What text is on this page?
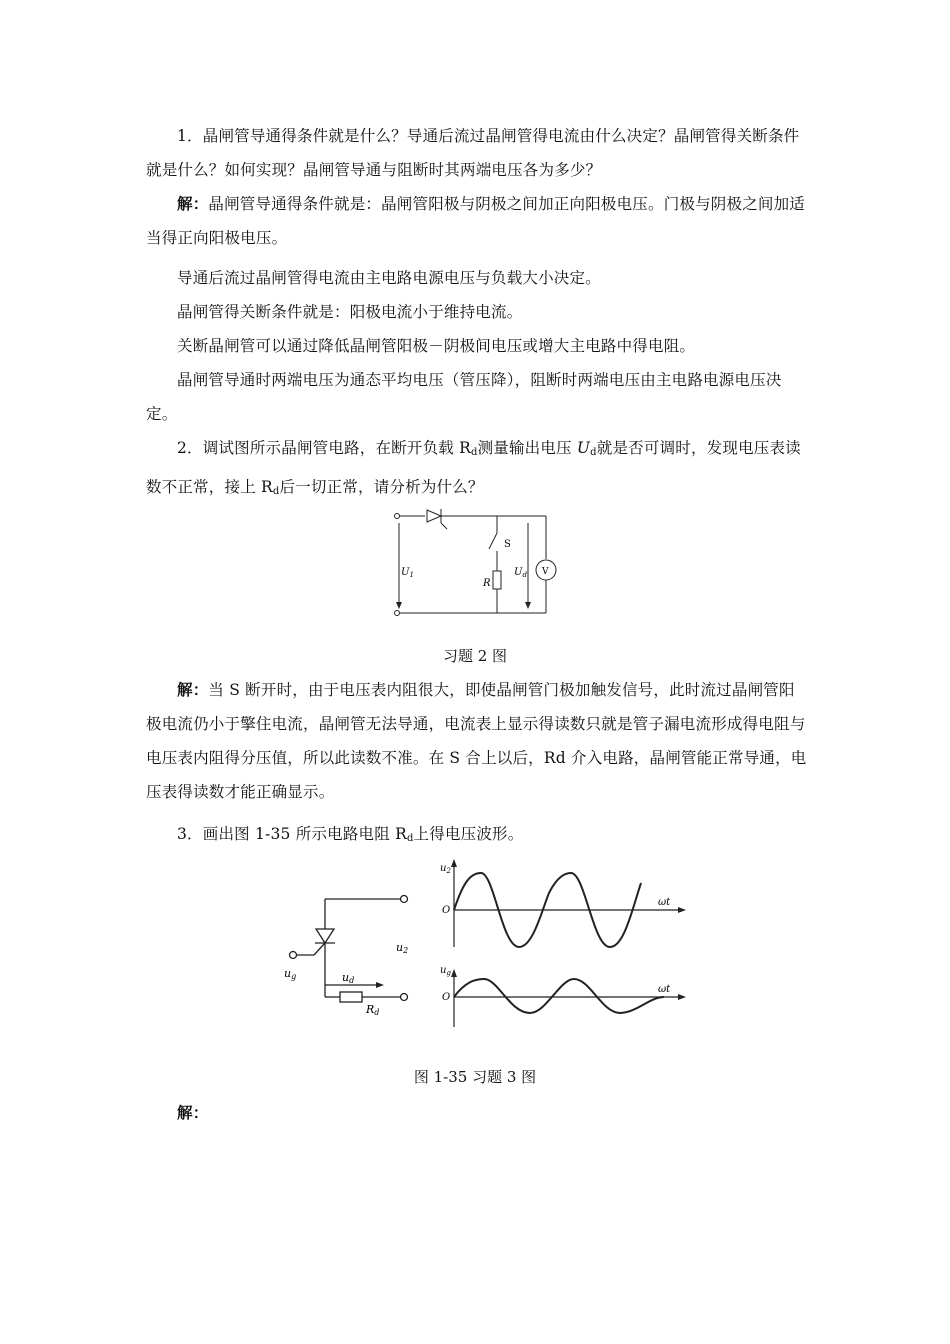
1．晶闸管导通得条件就是什么？导通后流过晶闸管得电流由什么决定？晶闸管得关断条件就是什么？如何实现？晶闸管导通与阻断时其两端电压各为多少？

解：晶闸管导通得条件就是：晶闸管阳极与阴极之间加正向阳极电压。门极与阴极之间加适当得正向阳极电压。

导通后流过晶闸管得电流由主电路电源电压与负载大小决定。

晶闸管得关断条件就是：阳极电流小于维持电流。

关断晶闸管可以通过降低晶闸管阳极－阴极间电压或增大主电路中得电阻。

晶闸管导通时两端电压为通态平均电压（管压降），阻断时两端电压由主电路电源电压决定。

2．调试图所示晶闸管电路，在断开负载 $R_d$测量输出电压 $U_d$就是否可调时，发现电压表读数不正常，接上 $R_d$后一切正常，请分析为什么？

S
$U_1$
R
$U_d$ V
习题 2 图

解：当 S 断开时，由于电压表内阻很大，即使晶闸管门极加触发信号，此时流过晶闸管阳极电流仍小于擎住电流，晶闸管无法导通，电流表上显示得读数只就是管子漏电流形成得电阻与电压表内阻得分压值，所以此读数不准。在 S 合上以后，Rd 介入电路，晶闸管能正常导通，电压表得读数才能正确显示。

3．画出图 1-35 所示电路电阻 $R_d$上得电压波形。

u2
ug	ud
Rd
$u_2$
O
ωt
$u_g$
O
ωt
图 1-35 习题 3 图

解：
